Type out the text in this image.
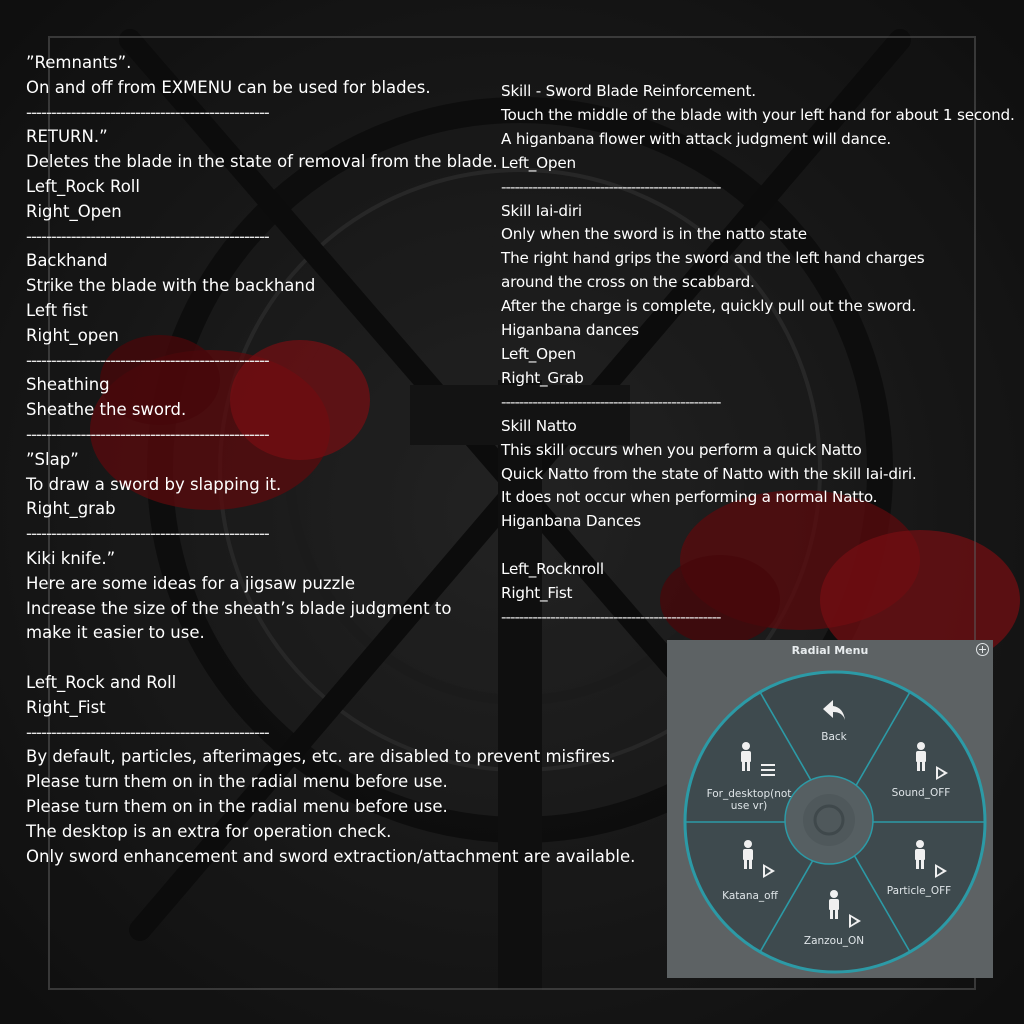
”Remnants”.
On and off from EXMENU can be used for blades.
-------------------------------------------------
RETURN.”
Deletes the blade in the state of removal from the blade.
Left_Rock Roll
Right_Open
-------------------------------------------------
Backhand
Strike the blade with the backhand
Left fist
Right_open
-------------------------------------------------
Sheathing
Sheathe the sword.
-------------------------------------------------
”Slap”
To draw a sword by slapping it.
Right_grab
-------------------------------------------------
Kiki knife.”
Here are some ideas for a jigsaw puzzle
Increase the size of the sheath’s blade judgment to
make it easier to use.

Left_Rock and Roll
Right_Fist
-------------------------------------------------
By default, particles, afterimages, etc. are disabled to prevent misfires.
Please turn them on in the radial menu before use.
Please turn them on in the radial menu before use.
The desktop is an extra for operation check.
Only sword enhancement and sword extraction/attachment are available.
Skill - Sword Blade Reinforcement.
Touch the middle of the blade with your left hand for about 1 second.
A higanbana flower with attack judgment will dance.
Left_Open
-------------------------------------------------
Skill Iai-diri
Only when the sword is in the natto state
The right hand grips the sword and the left hand charges
around the cross on the scabbard.
After the charge is complete, quickly pull out the sword.
Higanbana dances
Left_Open
Right_Grab
-------------------------------------------------
Skill Natto
This skill occurs when you perform a quick Natto
Quick Natto from the state of Natto with the skill Iai-diri.
It does not occur when performing a normal Natto.
Higanbana Dances

Left_Rocknroll
Right_Fist
-------------------------------------------------
Radial Menu
Back
For_desktop(not use vr)
Sound_OFF
Katana_off	Particle_OFF
Zanzou_ON
